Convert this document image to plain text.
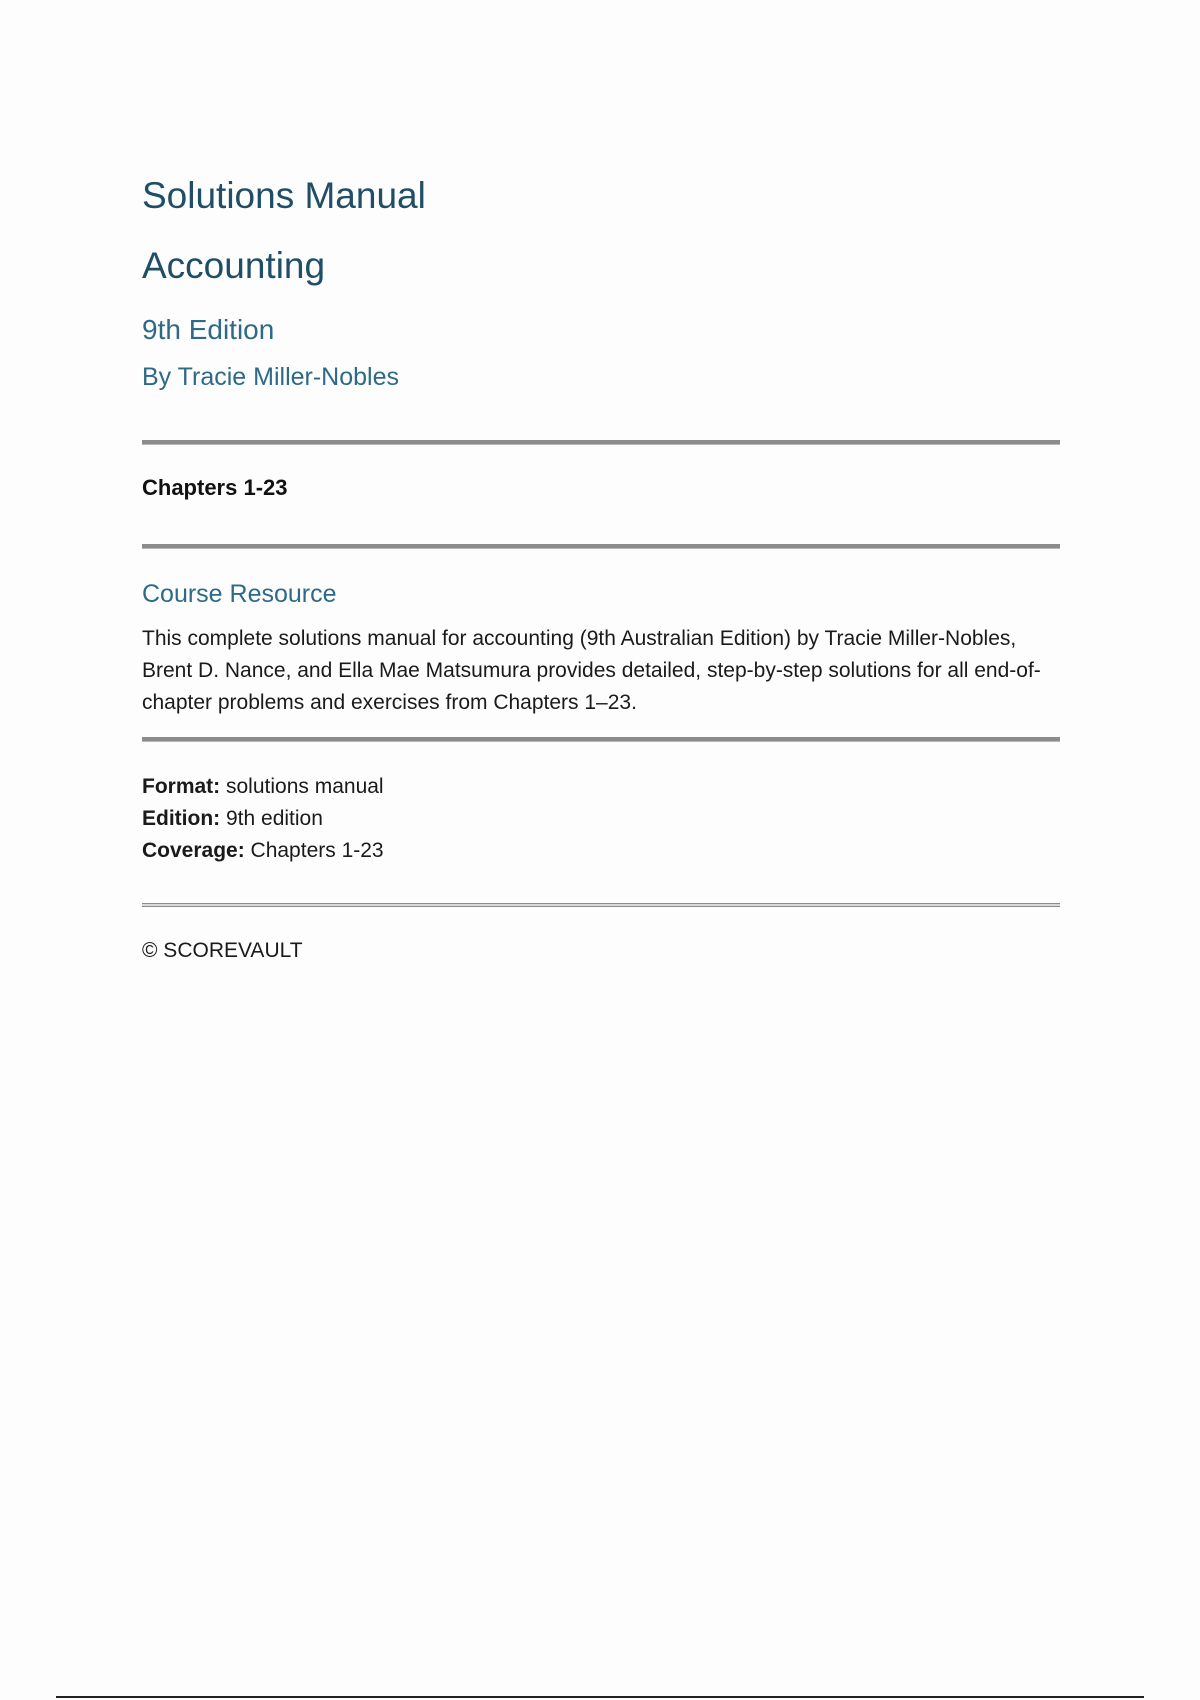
Solutions Manual
Accounting
9th Edition
By Tracie Miller-Nobles
Chapters 1-23
Course Resource
This complete solutions manual for accounting (9th Australian Edition) by Tracie Miller-Nobles, Brent D. Nance, and Ella Mae Matsumura provides detailed, step-by-step solutions for all end-of-chapter problems and exercises from Chapters 1–23.
Format: solutions manual
Edition: 9th edition
Coverage: Chapters 1-23
© SCOREVAULT
